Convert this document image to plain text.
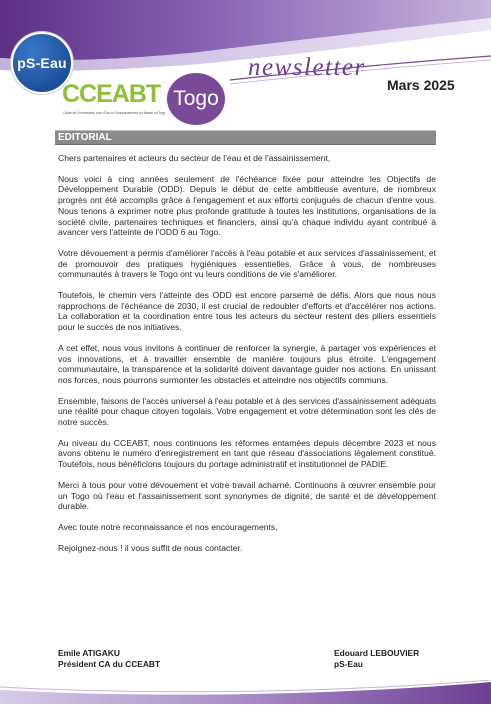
pS-Eau
CCEABT
Cadre de Concertation pour l'Eau et l'Assainissement du Bassin du Togo
Togo
newsletter
Mars 2025
EDITORIAL

Chers partenaires et acteurs du secteur de l'eau et de l'assainissement,

Nous voici à cinq années seulement de l'échéance fixée pour atteindre les Objectifs de Développement Durable (ODD). Depuis le début de cette ambitieuse aventure, de nombreux progrès ont été accomplis grâce à l'engagement et aux efforts conjugués de chacun d'entre vous. Nous tenons à exprimer notre plus profonde gratitude à toutes les institutions, organisations de la société civile, partenaires techniques et financiers, ainsi qu'à chaque individu ayant contribué à avancer vers l'atteinte de l'ODD 6 au Togo.

Votre dévouement a permis d'améliorer l'accès à l'eau potable et aux services d'assainissement, et de promouvoir des pratiques hygiéniques essentielles. Grâce à vous, de nombreuses communautés à travers le Togo ont vu leurs conditions de vie s'améliorer.

Toutefois, le chemin vers l'atteinte des ODD est encore parsemé de défis. Alors que nous nous rapprochons de l'échéance de 2030, il est crucial de redoubler d'efforts et d'accélérer nos actions. La collaboration et la coordination entre tous les acteurs du secteur restent des piliers essentiels pour le succès de nos initiatives.

A cet effet, nous vous invitons à continuer de renforcer la synergie, à partager vos expériences et vos innovations, et à travailler ensemble de manière toujours plus étroite. L'engagement communautaire, la transparence et la solidarité doivent davantage guider nos actions. En unissant nos forces, nous pourrons surmonter les obstacles et atteindre nos objectifs communs.

Ensemble, faisons de l'accès universel à l'eau potable et à des services d'assainissement adéquats une réalité pour chaque citoyen togolais. Votre engagement et votre détermination sont les clés de notre succès.

Au niveau du CCEABT, nous continuons les réformes entamées depuis décembre 2023 et nous avons obtenu le numéro d'enregistrement en tant que réseau d'associations légalement constitué. Toutefois, nous bénéficions toujours du portage administratif et institutionnel de PADIE.

Merci à tous pour votre dévouement et votre travail acharné. Continuons à œuvrer ensemble pour un Togo où l'eau et l'assainissement sont synonymes de dignité, de santé et de développement durable.

Avec toute notre reconnaissance et nos encouragements,

Rejoignez-nous ! il vous suffit de nous contacter.

Emile ATIGAKU
Président CA du CCEABT
Edouard LEBOUVIER
pS-Eau
